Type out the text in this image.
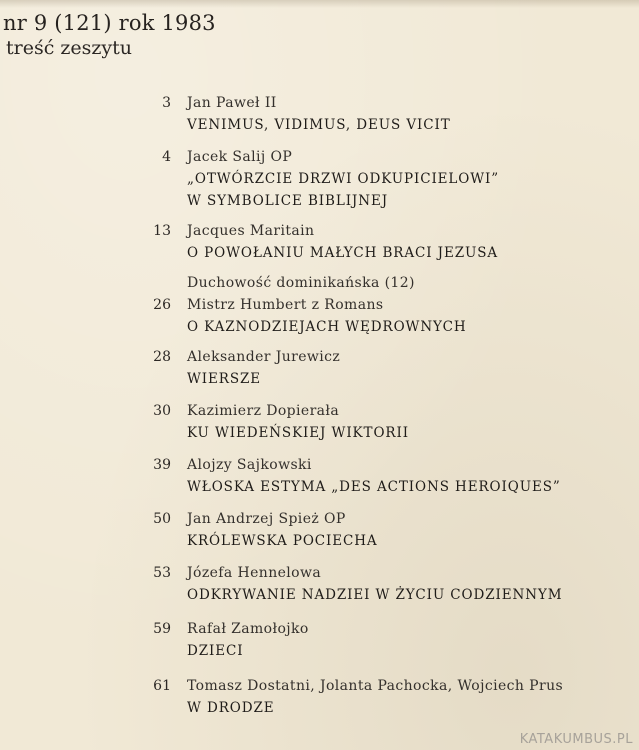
nr 9 (121) rok 1983
treść zeszytu
3 Jan Paweł II
VENIMUS, VIDIMUS, DEUS VICIT
4 Jacek Salij OP
„OTWÓRZCIE DRZWI ODKUPICIELOWI”
W SYMBOLICE BIBLIJNEJ
13 Jacques Maritain
O POWOŁANIU MAŁYCH BRACI JEZUSA
Duchowość dominikańska (12)
26 Mistrz Humbert z Romans
O KAZNODZIEJACH WĘDROWNYCH
28 Aleksander Jurewicz
WIERSZE
30 Kazimierz Dopierała
KU WIEDEŃSKIEJ WIKTORII
39 Alojzy Sajkowski
WŁOSKA ESTYMA „DES ACTIONS HEROIQUES”
50 Jan Andrzej Spież OP
KRÓLEWSKA POCIECHA
53 Józefa Hennelowa
ODKRYWANIE NADZIEI W ŻYCIU CODZIENNYM
59 Rafał Zamołojko
DZIECI
61 Tomasz Dostatni, Jolanta Pachocka, Wojciech Prus
W DRODZE
KATAKUMBUS.PL
